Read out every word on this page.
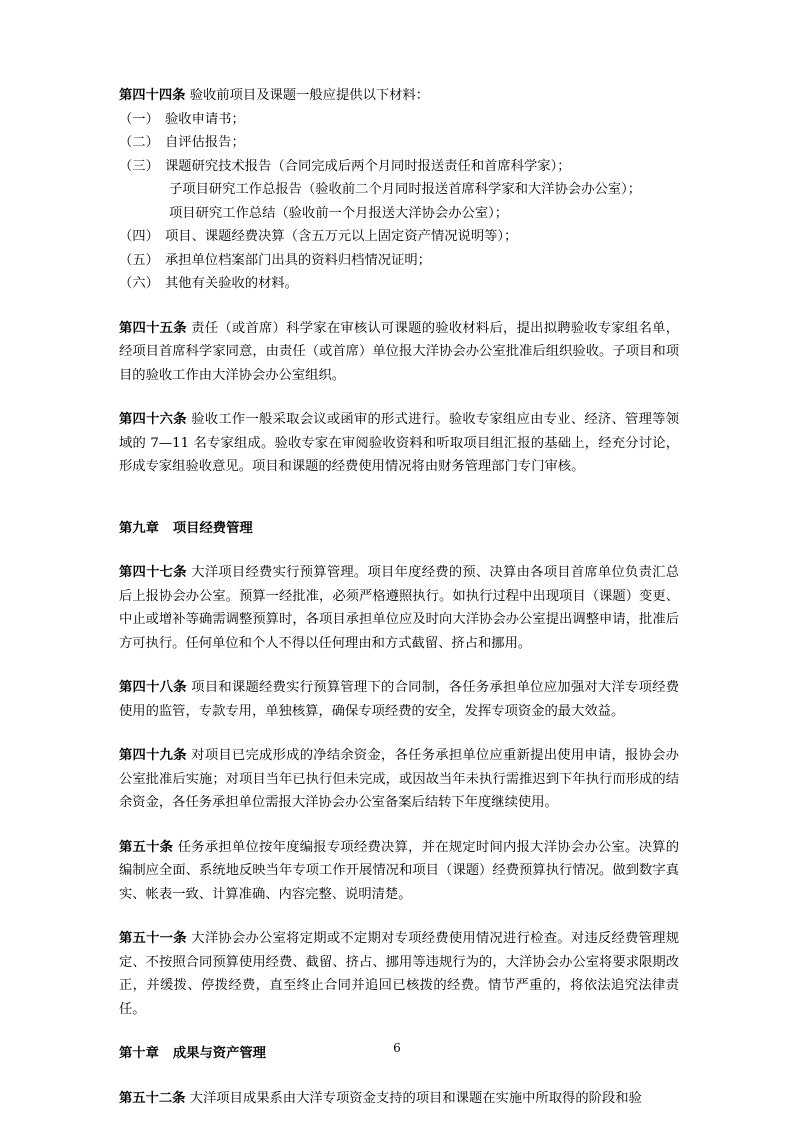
第四十四条 验收前项目及课题一般应提供以下材料：

（一） 验收申请书；
（二） 自评估报告；
（三） 课题研究技术报告（合同完成后两个月同时报送责任和首席科学家）；
子项目研究工作总报告（验收前二个月同时报送首席科学家和大洋协会办公室）；
项目研究工作总结（验收前一个月报送大洋协会办公室）；
（四） 项目、课题经费决算（含五万元以上固定资产情况说明等）；
（五） 承担单位档案部门出具的资料归档情况证明；
（六） 其他有关验收的材料。

第四十五条 责任（或首席）科学家在审核认可课题的验收材料后，提出拟聘验收专家组名单，经项目首席科学家同意，由责任（或首席）单位报大洋协会办公室批准后组织验收。子项目和项目的验收工作由大洋协会办公室组织。

第四十六条 验收工作一般采取会议或函审的形式进行。验收专家组应由专业、经济、管理等领域的 7—11 名专家组成。验收专家在审阅验收资料和听取项目组汇报的基础上，经充分讨论，形成专家组验收意见。项目和课题的经费使用情况将由财务管理部门专门审核。

第九章 项目经费管理

第四十七条 大洋项目经费实行预算管理。项目年度经费的预、决算由各项目首席单位负责汇总后上报协会办公室。预算一经批准，必须严格遵照执行。如执行过程中出现项目（课题）变更、中止或增补等确需调整预算时，各项目承担单位应及时向大洋协会办公室提出调整申请，批准后方可执行。任何单位和个人不得以任何理由和方式截留、挤占和挪用。

第四十八条 项目和课题经费实行预算管理下的合同制，各任务承担单位应加强对大洋专项经费使用的监管，专款专用，单独核算，确保专项经费的安全，发挥专项资金的最大效益。

第四十九条 对项目已完成形成的净结余资金，各任务承担单位应重新提出使用申请，报协会办公室批准后实施；对项目当年已执行但未完成，或因故当年未执行需推迟到下年执行而形成的结余资金，各任务承担单位需报大洋协会办公室备案后结转下年度继续使用。

第五十条 任务承担单位按年度编报专项经费决算，并在规定时间内报大洋协会办公室。决算的编制应全面、系统地反映当年专项工作开展情况和项目（课题）经费预算执行情况。做到数字真实、帐表一致、计算准确、内容完整、说明清楚。

第五十一条 大洋协会办公室将定期或不定期对专项经费使用情况进行检查。对违反经费管理规定、不按照合同预算使用经费、截留、挤占、挪用等违规行为的，大洋协会办公室将要求限期改正，并缓拨、停拨经费，直至终止合同并追回已核拨的经费。情节严重的，将依法追究法律责任。

第十章 成果与资产管理

第五十二条 大洋项目成果系由大洋专项资金支持的项目和课题在实施中所取得的阶段和验

6
